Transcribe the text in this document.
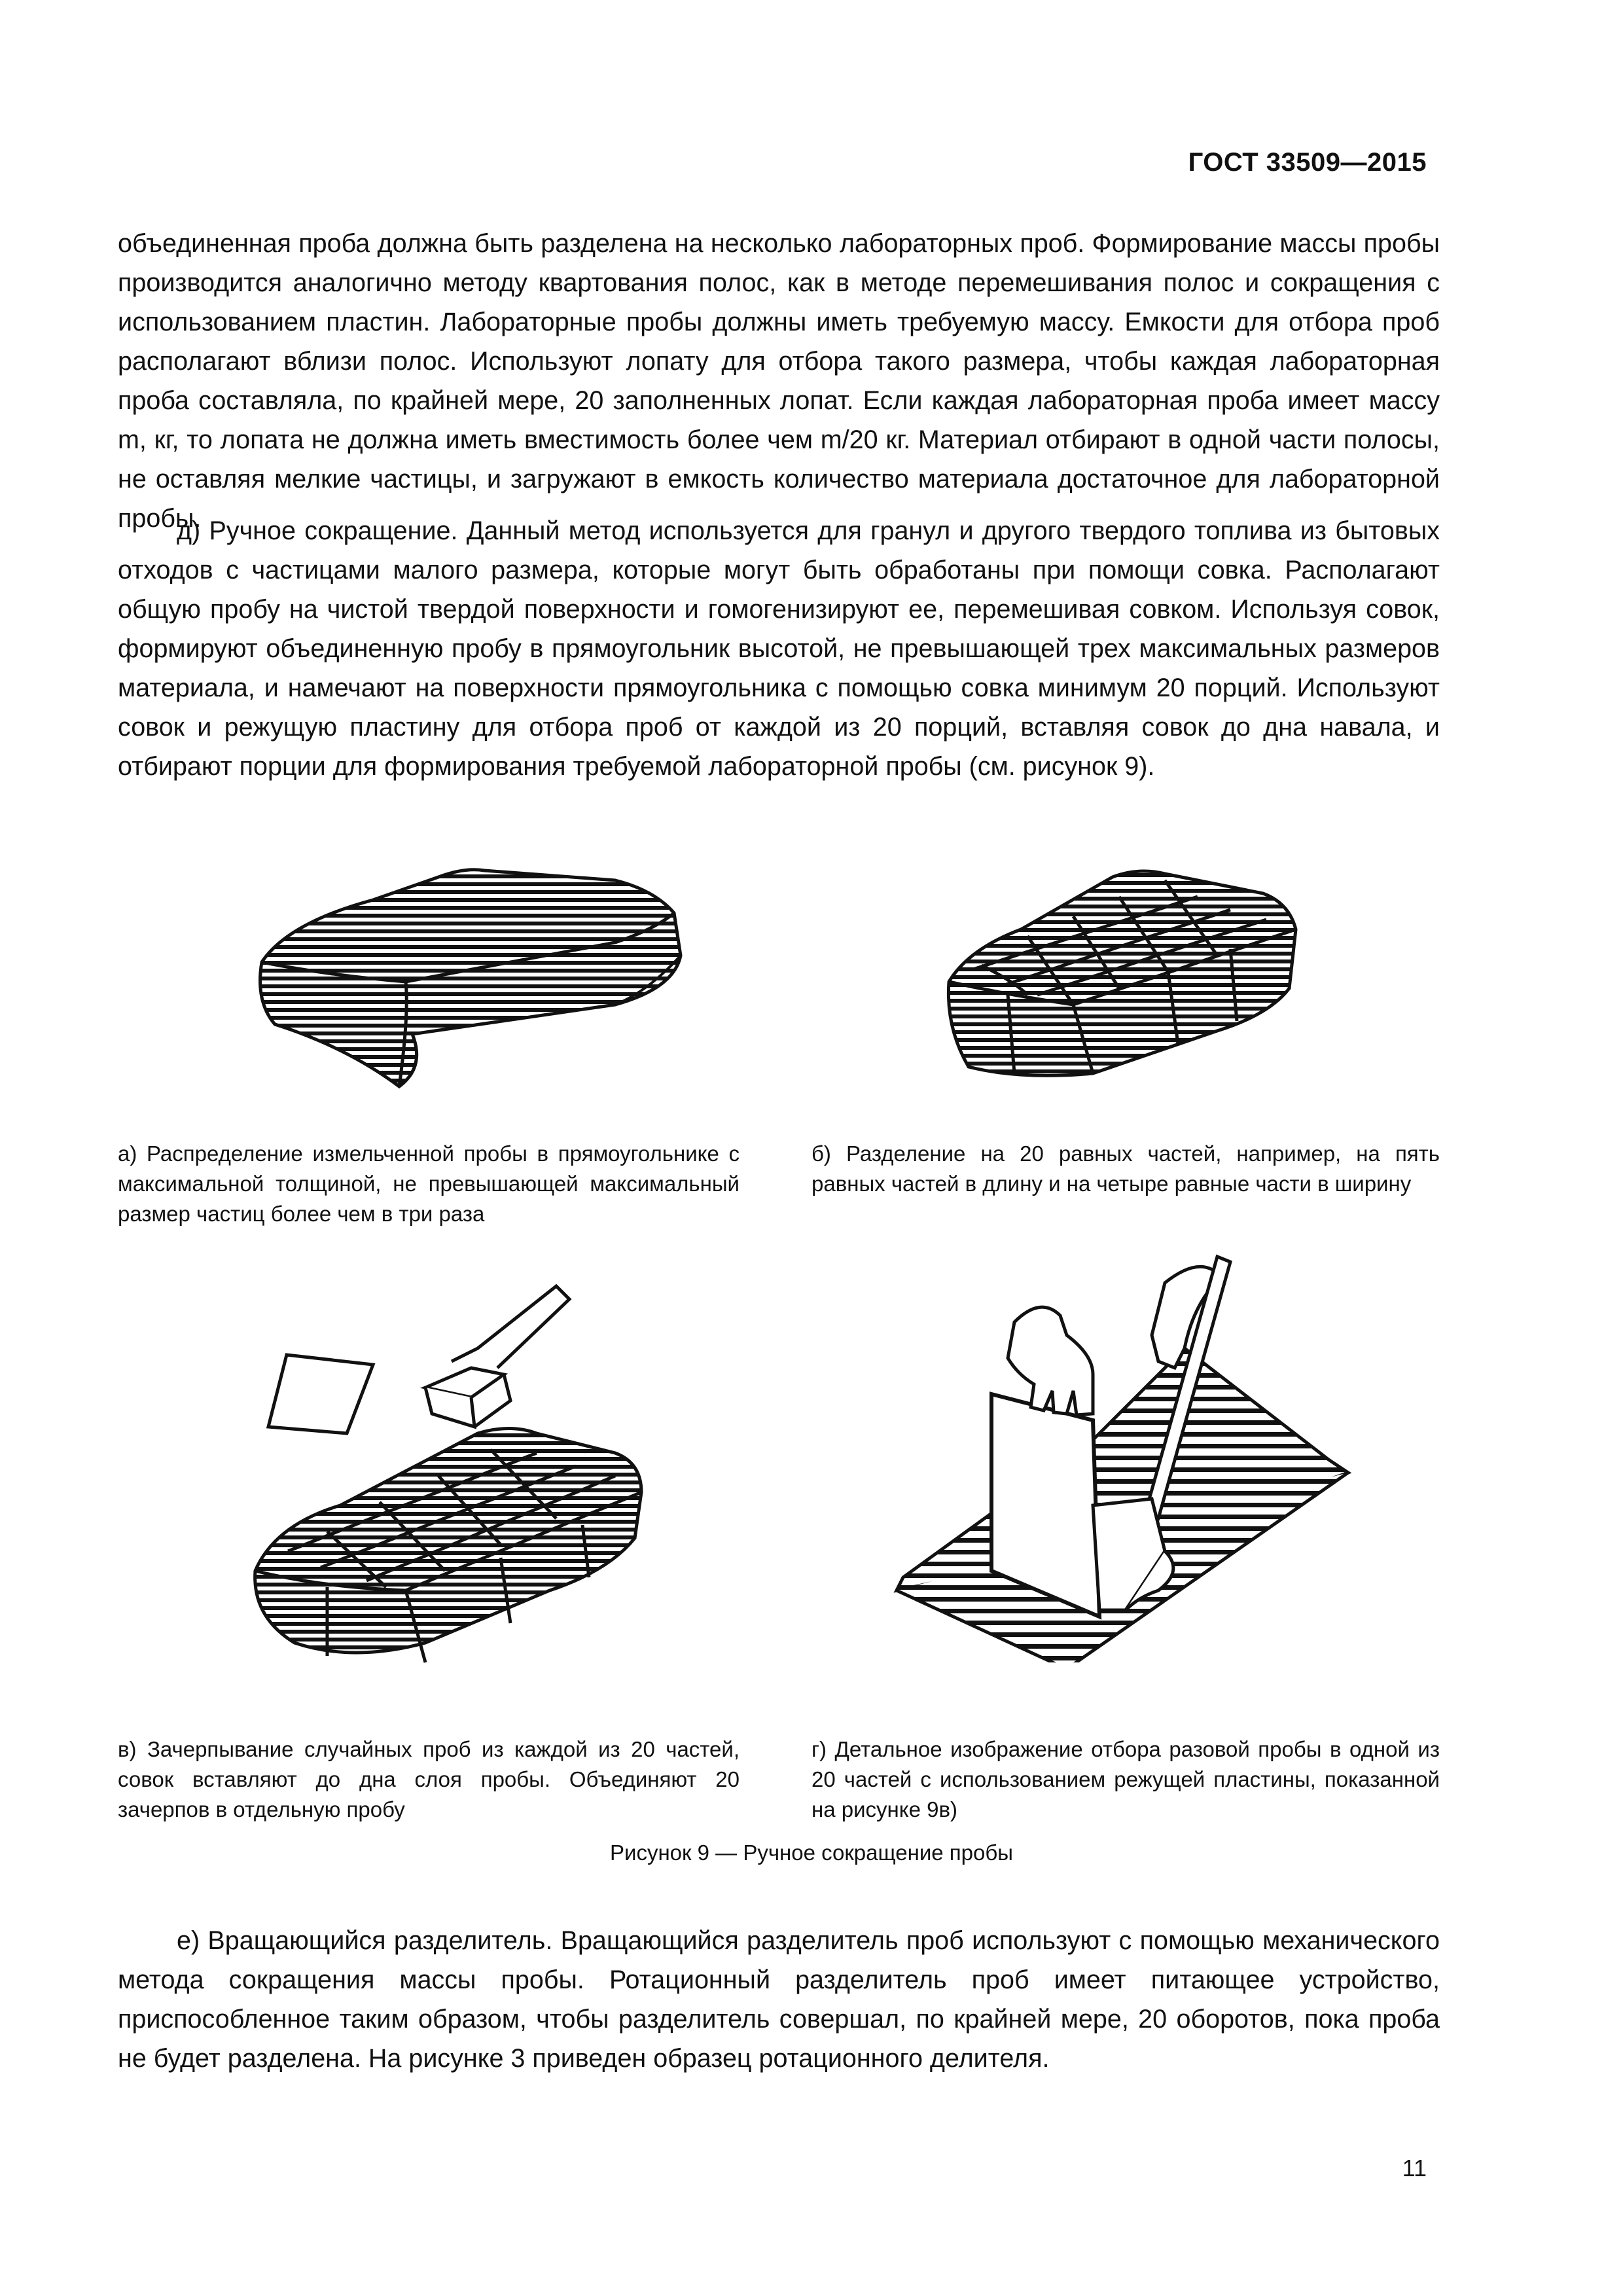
ГОСТ 33509—2015

объединенная проба должна быть разделена на несколько лабораторных проб. Формирование массы пробы производится аналогично методу квартования полос, как в методе перемешивания полос и сокращения с использованием пластин. Лабораторные пробы должны иметь требуемую массу. Емкости для отбора проб располагают вблизи полос. Используют лопату для отбора такого размера, чтобы каждая лабораторная проба составляла, по крайней мере, 20 заполненных лопат. Если каждая лабораторная проба имеет массу m, кг, то лопата не должна иметь вместимость более чем m/20 кг. Материал отбирают в одной части полосы, не оставляя мелкие частицы, и загружают в емкость количество материала достаточное для лабораторной пробы.

д) Ручное сокращение. Данный метод используется для гранул и другого твердого топлива из бытовых отходов с частицами малого размера, которые могут быть обработаны при помощи совка. Располагают общую пробу на чистой твердой поверхности и гомогенизируют ее, перемешивая совком. Используя совок, формируют объединенную пробу в прямоугольник высотой, не превышающей трех максимальных размеров материала, и намечают на поверхности прямоугольника с помощью совка минимум 20 порций. Используют совок и режущую пластину для отбора проб от каждой из 20 порций, вставляя совок до дна навала, и отбирают порции для формирования требуемой лабораторной пробы (см. рисунок 9).

а) Распределение измельченной пробы в прямоугольнике с максимальной толщиной, не превышающей максимальный размер частиц более чем в три раза

б) Разделение на 20 равных частей, например, на пять равных частей в длину и на четыре равные части в ширину

в) Зачерпывание случайных проб из каждой из 20 частей, совок вставляют до дна слоя пробы. Объединяют 20 зачерпов в отдельную пробу

г) Детальное изображение отбора разовой пробы в одной из 20 частей с использованием режущей пластины, показанной на рисунке 9в)

Рисунок 9 — Ручное сокращение пробы

е) Вращающийся разделитель. Вращающийся разделитель проб используют с помощью механического метода сокращения массы пробы. Ротационный разделитель проб имеет питающее устройство, приспособленное таким образом, чтобы разделитель совершал, по крайней мере, 20 оборотов, пока проба не будет разделена. На рисунке 3 приведен образец ротационного делителя.

11
